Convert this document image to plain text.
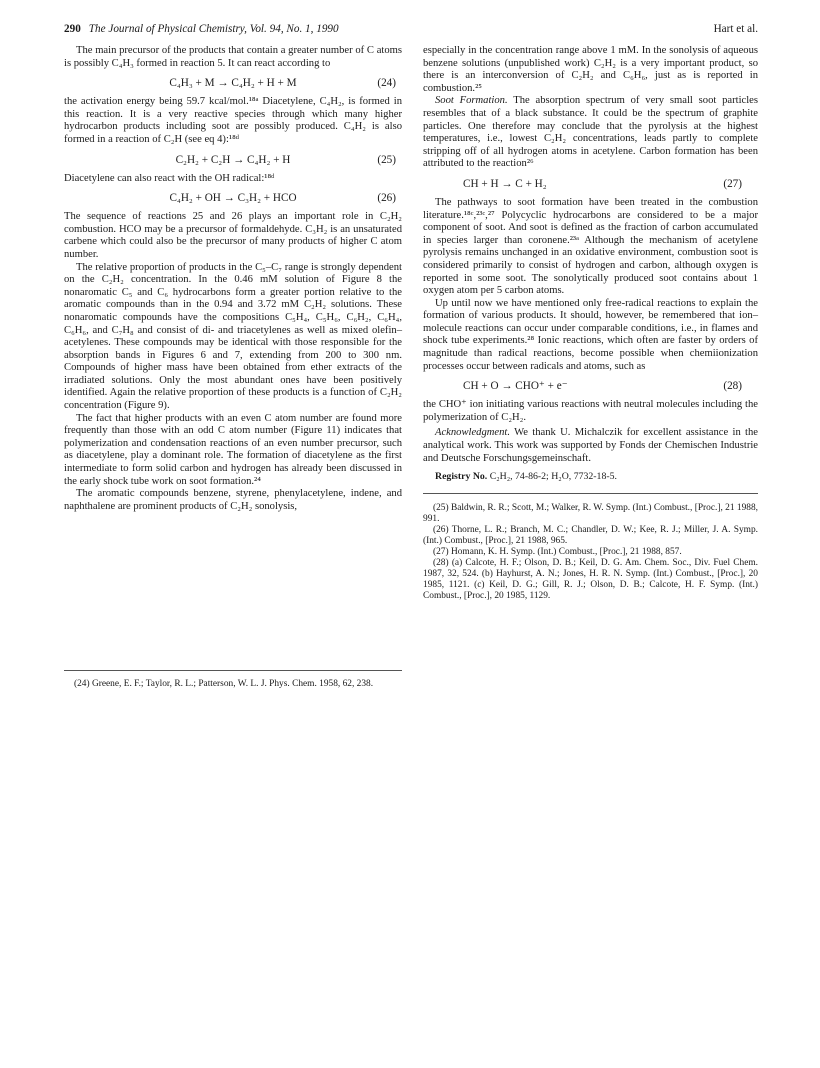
290 The Journal of Physical Chemistry, Vol. 94, No. 1, 1990	Hart et al.

The main precursor of the products that contain a greater number of C atoms is possibly C₄H₃ formed in reaction 5. It can react according to

C₄H₃ + M → C₄H₂ + H + M	(24)

the activation energy being 59.7 kcal/mol.¹⁸ᵃ Diacetylene, C₄H₂, is formed in this reaction. It is a very reactive species through which many higher hydrocarbon products including soot are possibly produced. C₄H₂ is also formed in a reaction of C₂H (see eq 4):¹⁸ᵈ

C₂H₂ + C₂H → C₄H₂ + H	(25)

Diacetylene can also react with the OH radical:¹⁸ᵈ

C₄H₂ + OH → C₃H₂ + HCO	(26)

The sequence of reactions 25 and 26 plays an important role in C₂H₂ combustion. HCO may be a precursor of formaldehyde. C₃H₂ is an unsaturated carbene which could also be the precursor of many products of higher C atom number.

The relative proportion of products in the C₅–C₇ range is strongly dependent on the C₂H₂ concentration. In the 0.46 mM solution of Figure 8 the nonaromatic C₅ and C₆ hydrocarbons form a greater portion relative to the aromatic compounds than in the 0.94 and 3.72 mM C₂H₂ solutions. These nonaromatic compounds have the compositions C₅H₄, C₅H₆, C₆H₂, C₆H₄, C₆H₆, and C₇H₈ and consist of di- and triacetylenes as well as mixed olefin–acetylenes. These compounds may be identical with those responsible for the absorption bands in Figures 6 and 7, extending from 200 to 300 nm. Compounds of higher mass have been obtained from ether extracts of the irradiated solutions. Only the most abundant ones have been positively identified. Again the relative proportion of these products is a function of C₂H₂ concentration (Figure 9).

The fact that higher products with an even C atom number are found more frequently than those with an odd C atom number (Figure 11) indicates that polymerization and condensation reactions of an even number precursor, such as diacetylene, play a dominant role. The formation of diacetylene as the first intermediate to form solid carbon and hydrogen has already been discussed in the early shock tube work on soot formation.²⁴

The aromatic compounds benzene, styrene, phenylacetylene, indene, and naphthalene are prominent products of C₂H₂ sonolysis,

(24) Greene, E. F.; Taylor, R. L.; Patterson, W. L. J. Phys. Chem. 1958, 62, 238.

especially in the concentration range above 1 mM. In the sonolysis of aqueous benzene solutions (unpublished work) C₂H₂ is a very important product, so there is an interconversion of C₂H₂ and C₆H₆, just as is reported in combustion.²⁵

Soot Formation. The absorption spectrum of very small soot particles resembles that of a black substance. It could be the spectrum of graphite particles. One therefore may conclude that the pyrolysis at the highest temperatures, i.e., lowest C₂H₂ concentrations, leads partly to complete stripping off of all hydrogen atoms in acetylene. Carbon formation has been attributed to the reaction²⁶

CH + H → C + H₂	(27)

The pathways to soot formation have been treated in the combustion literature.¹⁸ᶜ,²³ᶜ,²⁷ Polycyclic hydrocarbons are considered to be a major component of soot. And soot is defined as the fraction of carbon accumulated in species larger than coronene.²³ᵃ Although the mechanism of acetylene pyrolysis remains unchanged in an oxidative environment, combustion soot is considered primarily to consist of hydrogen and carbon, although oxygen is reported in some soot. The sonolytically produced soot contains about 1 oxygen atom per 5 carbon atoms.

Up until now we have mentioned only free-radical reactions to explain the formation of various products. It should, however, be remembered that ion–molecule reactions can occur under comparable conditions, i.e., in flames and shock tube experiments.²⁸ Ionic reactions, which often are faster by orders of magnitude than radical reactions, become possible when chemiionization processes occur between radicals and atoms, such as

CH + O → CHO⁺ + e⁻	(28)

the CHO⁺ ion initiating various reactions with neutral molecules including the polymerization of C₂H₂.

Acknowledgment. We thank U. Michalczik for excellent assistance in the analytical work. This work was supported by Fonds der Chemischen Industrie and Deutsche Forschungsgemeinschaft.

Registry No. C₂H₂, 74-86-2; H₂O, 7732-18-5.

(25) Baldwin, R. R.; Scott, M.; Walker, R. W. Symp. (Int.) Combust., [Proc.], 21 1988, 991.
(26) Thorne, L. R.; Branch, M. C.; Chandler, D. W.; Kee, R. J.; Miller, J. A. Symp. (Int.) Combust., [Proc.], 21 1988, 965.
(27) Homann, K. H. Symp. (Int.) Combust., [Proc.], 21 1988, 857.
(28) (a) Calcote, H. F.; Olson, D. B.; Keil, D. G. Am. Chem. Soc., Div. Fuel Chem. 1987, 32, 524. (b) Hayhurst, A. N.; Jones, H. R. N. Symp. (Int.) Combust., [Proc.], 20 1985, 1121. (c) Keil, D. G.; Gill, R. J.; Olson, D. B.; Calcote, H. F. Symp. (Int.) Combust., [Proc.], 20 1985, 1129.
